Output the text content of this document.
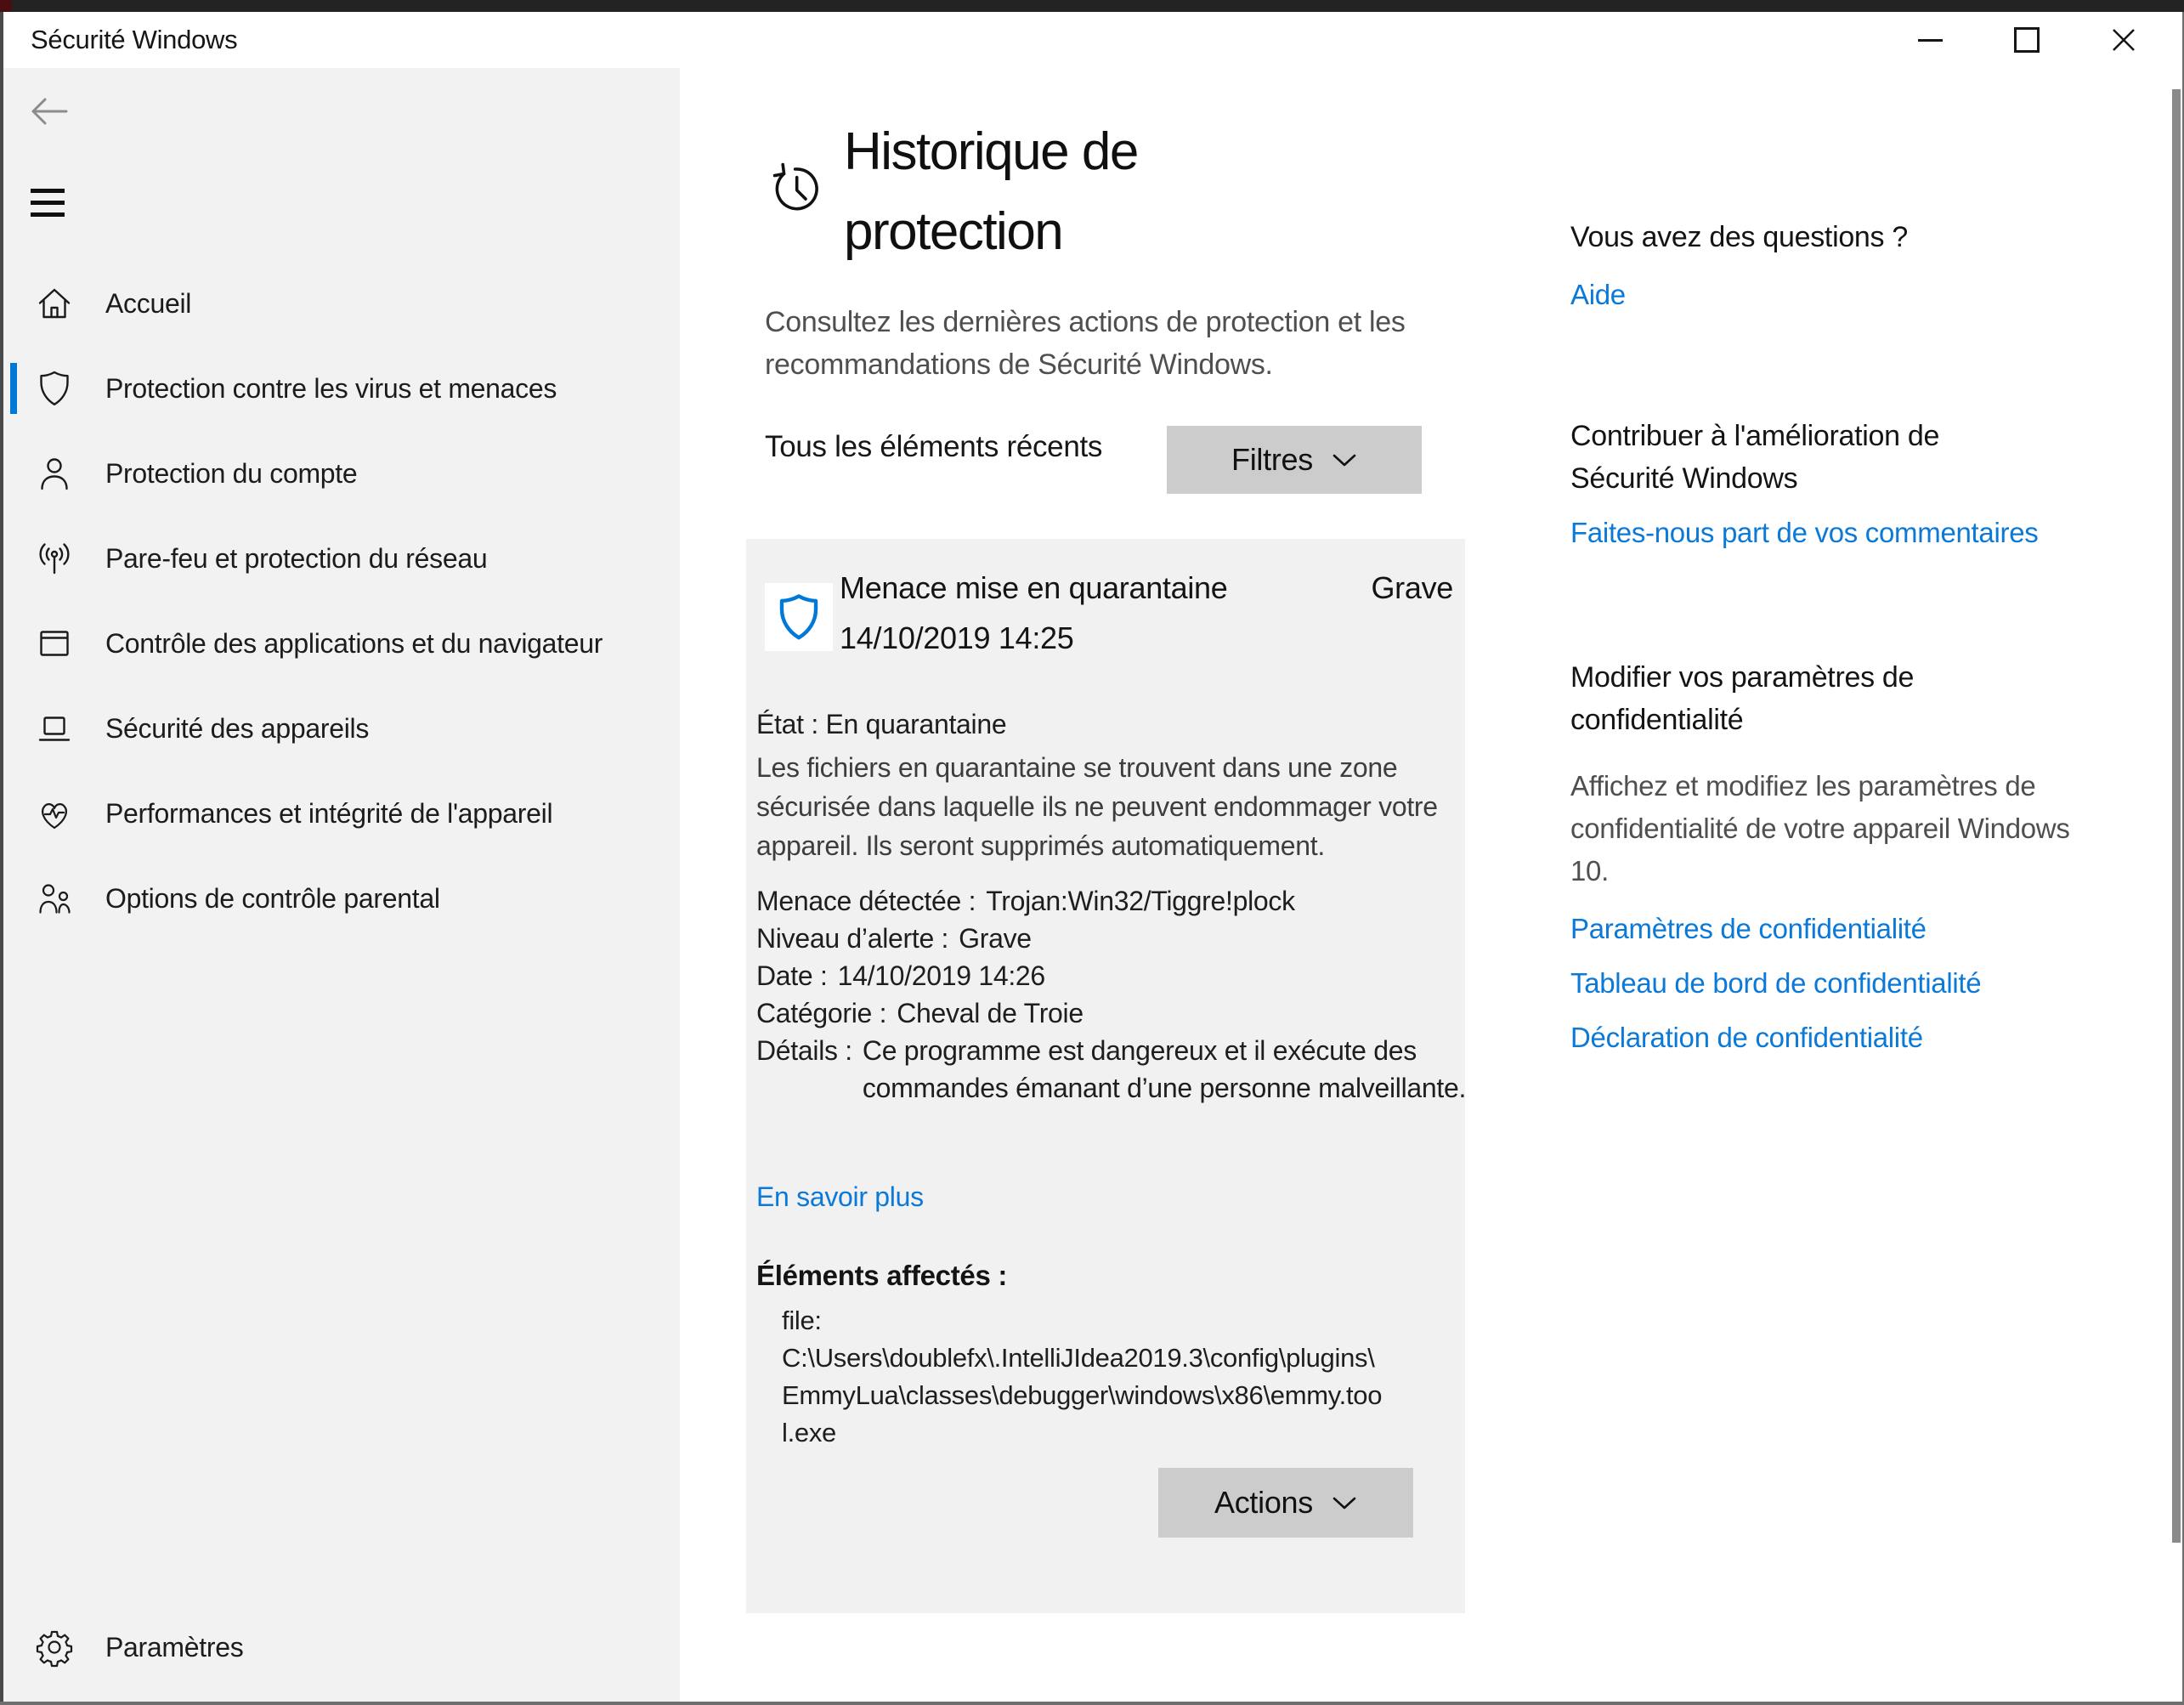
Sécurité Windows
Accueil
Protection contre les virus et menaces
Protection du compte
Pare-feu et protection du réseau
Contrôle des applications et du navigateur
Sécurité des appareils
Performances et intégrité de l'appareil
Options de contrôle parental
Paramètres
Historique de protection
Consultez les dernières actions de protection et les recommandations de Sécurité Windows.
Tous les éléments récents	Filtres
Menace mise en quarantaine	Grave
14/10/2019 14:25
État : En quarantaine
Les fichiers en quarantaine se trouvent dans une zone sécurisée dans laquelle ils ne peuvent endommager votre appareil. Ils seront supprimés automatiquement.
Menace détectée : Trojan:Win32/Tiggre!plock
Niveau d’alerte : Grave
Date : 14/10/2019 14:26
Catégorie : Cheval de Troie
Détails : Ce programme est dangereux et il exécute des commandes émanant d’une personne malveillante.
En savoir plus
Éléments affectés :
file: C:\Users\doublefx\.IntelliJIdea2019.3\config\plugins\EmmyLua\classes\debugger\windows\x86\emmy.tool.exe
Actions
Vous avez des questions ?
Aide
Contribuer à l'amélioration de Sécurité Windows
Faites-nous part de vos commentaires
Modifier vos paramètres de confidentialité
Affichez et modifiez les paramètres de confidentialité de votre appareil Windows 10.
Paramètres de confidentialité
Tableau de bord de confidentialité
Déclaration de confidentialité
